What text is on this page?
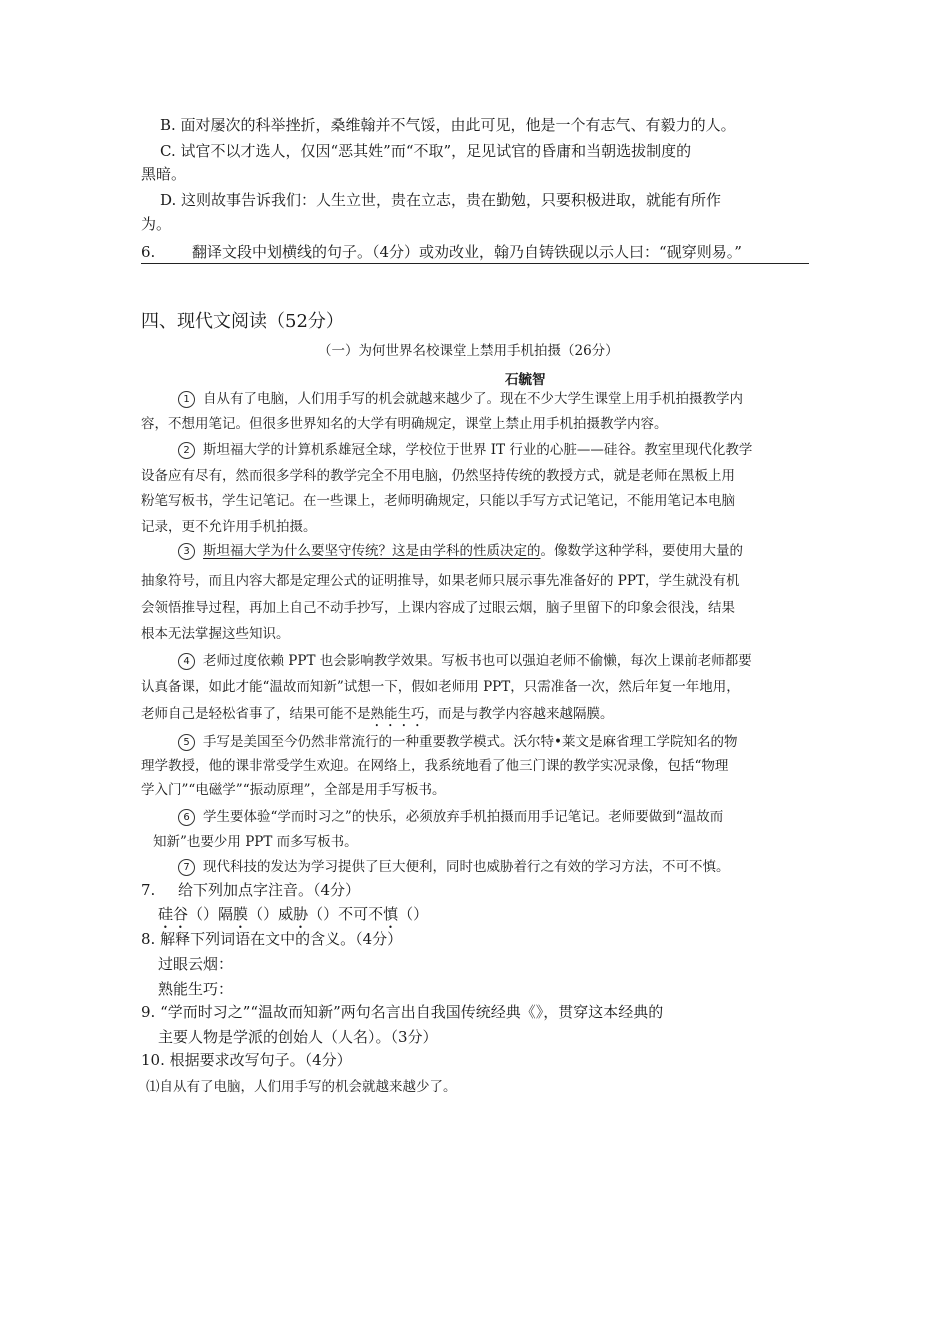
B. 面对屡次的科举挫折，桑维翰并不气馁，由此可见，他是一个有志气、有毅力的人。
C. 试官不以才选人，仅因“恶其姓”而“不取”，足见试官的昏庸和当朝选拔制度的
黑暗。
D. 这则故事告诉我们：人生立世，贵在立志，贵在勤勉，只要积极进取，就能有所作
为。
6. 翻译文段中划横线的句子。（4分）或劝改业，翰乃自铸铁砚以示人曰：“砚穿则易。”
四、现代文阅读（52分）
（一）为何世界名校课堂上禁用手机拍摄（26分）
石毓智
1 自从有了电脑，人们用手写的机会就越来越少了。现在不少大学生课堂上用手机拍摄教学内
容，不想用笔记。但很多世界知名的大学有明确规定，课堂上禁止用手机拍摄教学内容。
2 斯坦福大学的计算机系雄冠全球，学校位于世界 IT 行业的心脏——硅谷。教室里现代化教学
设备应有尽有，然而很多学科的教学完全不用电脑，仍然坚持传统的教授方式，就是老师在黑板上用
粉笔写板书，学生记笔记。在一些课上，老师明确规定，只能以手写方式记笔记，不能用笔记本电脑
记录，更不允许用手机拍摄。
3 斯坦福大学为什么要坚守传统？这是由学科的性质决定的。像数学这种学科，要使用大量的
抽象符号，而且内容大都是定理公式的证明推导，如果老师只展示事先准备好的 PPT，学生就没有机
会领悟推导过程，再加上自己不动手抄写，上课内容成了过眼云烟，脑子里留下的印象会很浅，结果
根本无法掌握这些知识。
4 老师过度依赖 PPT 也会影响教学效果。写板书也可以强迫老师不偷懒，每次上课前老师都要
认真备课，如此才能“温故而知新”试想一下，假如老师用 PPT，只需准备一次，然后年复一年地用，
老师自己是轻松省事了，结果可能不是熟能生巧，而是与教学内容越来越隔膜。
5 手写是美国至今仍然非常流行的一种重要教学模式。沃尔特•莱文是麻省理工学院知名的物
理学教授，他的课非常受学生欢迎。在网络上，我系统地看了他三门课的教学实况录像，包括“物理
学入门”“电磁学”“振动原理”，全部是用手写板书。
6 学生要体验“学而时习之”的快乐，必须放弃手机拍摄而用手记笔记。老师要做到“温故而
知新”也要少用 PPT 而多写板书。
7 现代科技的发达为学习提供了巨大便利，同时也威胁着行之有效的学习方法，不可不慎。
7. 给下列加点字注音。（4分）
硅谷（）隔膜（）威胁（）不可不慎（）
8. 解释下列词语在文中的含义。（4分）
过眼云烟：
熟能生巧：
9. “学而时习之”“温故而知新”两句名言出自我国传统经典《》，贯穿这本经典的
主要人物是学派的创始人（人名）。（3分）
10. 根据要求改写句子。（4分）
⑴自从有了电脑，人们用手写的机会就越来越少了。
